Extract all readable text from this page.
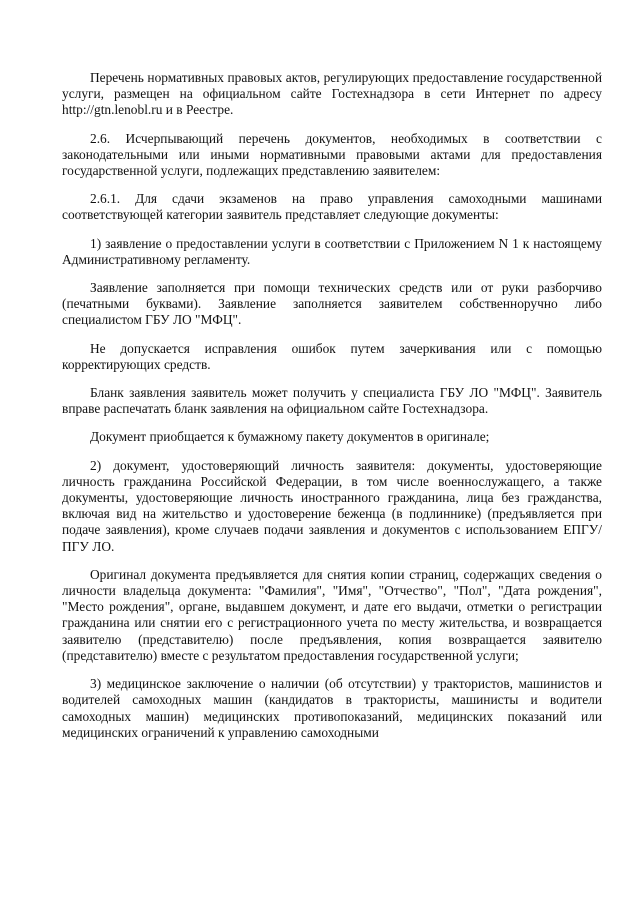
Перечень нормативных правовых актов, регулирующих предоставление государственной услуги, размещен на официальном сайте Гостехнадзора в сети Интернет по адресу http://gtn.lenobl.ru и в Реестре.

2.6. Исчерпывающий перечень документов, необходимых в соответствии с законодательными или иными нормативными правовыми актами для предоставления государственной услуги, подлежащих представлению заявителем:

2.6.1. Для сдачи экзаменов на право управления самоходными машинами соответствующей категории заявитель представляет следующие документы:

1) заявление о предоставлении услуги в соответствии с Приложением N 1 к настоящему Административному регламенту.

Заявление заполняется при помощи технических средств или от руки разборчиво (печатными буквами). Заявление заполняется заявителем собственноручно либо специалистом ГБУ ЛО "МФЦ".

Не допускается исправления ошибок путем зачеркивания или с помощью корректирующих средств.

Бланк заявления заявитель может получить у специалиста ГБУ ЛО "МФЦ". Заявитель вправе распечатать бланк заявления на официальном сайте Гостехнадзора.

Документ приобщается к бумажному пакету документов в оригинале;

2) документ, удостоверяющий личность заявителя: документы, удостоверяющие личность гражданина Российской Федерации, в том числе военнослужащего, а также документы, удостоверяющие личность иностранного гражданина, лица без гражданства, включая вид на жительство и удостоверение беженца (в подлиннике) (предъявляется при подаче заявления), кроме случаев подачи заявления и документов с использованием ЕПГУ/ПГУ ЛО.

Оригинал документа предъявляется для снятия копии страниц, содержащих сведения о личности владельца документа: "Фамилия", "Имя", "Отчество", "Пол", "Дата рождения", "Место рождения", органе, выдавшем документ, и дате его выдачи, отметки о регистрации гражданина или снятии его с регистрационного учета по месту жительства, и возвращается заявителю (представителю) после предъявления, копия возвращается заявителю (представителю) вместе с результатом предоставления государственной услуги;

3) медицинское заключение о наличии (об отсутствии) у трактористов, машинистов и водителей самоходных машин (кандидатов в трактористы, машинисты и водители самоходных машин) медицинских противопоказаний, медицинских показаний или медицинских ограничений к управлению самоходными
